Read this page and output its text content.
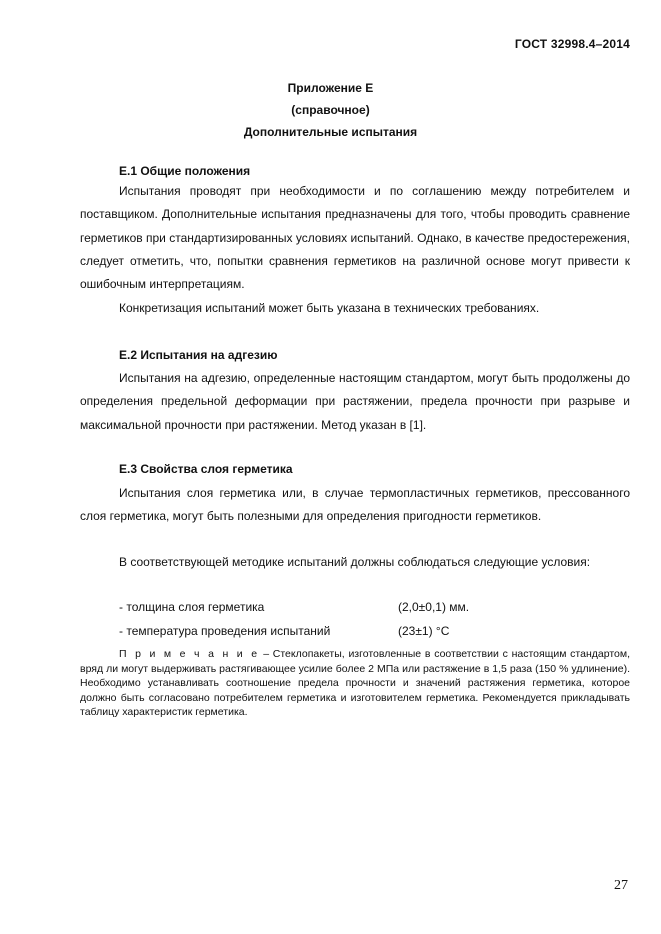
ГОСТ 32998.4–2014
Приложение Е
(справочное)
Дополнительные испытания
Е.1 Общие положения
Испытания проводят при необходимости и по соглашению между потребителем и поставщиком. Дополнительные испытания предназначены для того, чтобы проводить сравнение герметиков при стандартизированных условиях испытаний. Однако, в качестве предостережения, следует отметить, что, попытки сравнения герметиков на различной основе могут привести к ошибочным интерпретациям.
Конкретизация испытаний может быть указана в технических требованиях.
Е.2 Испытания на адгезию
Испытания на адгезию, определенные настоящим стандартом, могут быть продолжены до определения предельной деформации при растяжении, предела прочности при разрыве и максимальной прочности при растяжении. Метод указан в [1].
Е.3 Свойства слоя герметика
Испытания слоя герметика или, в случае термопластичных герметиков, прессованного слоя герметика, могут быть полезными для определения пригодности герметиков.
В соответствующей методике испытаний должны соблюдаться следующие условия:
- толщина слоя герметика	(2,0±0,1) мм.
- температура проведения испытаний	(23±1) °С
П р и м е ч а н и е – Стеклопакеты, изготовленные в соответствии с настоящим стандартом, вряд ли могут выдерживать растягивающее усилие более 2 МПа или растяжение в 1,5 раза (150 % удлинение). Необходимо устанавливать соотношение предела прочности и значений растяжения герметика, которое должно быть согласовано потребителем герметика и изготовителем герметика. Рекомендуется прикладывать таблицу характеристик герметика.
27
